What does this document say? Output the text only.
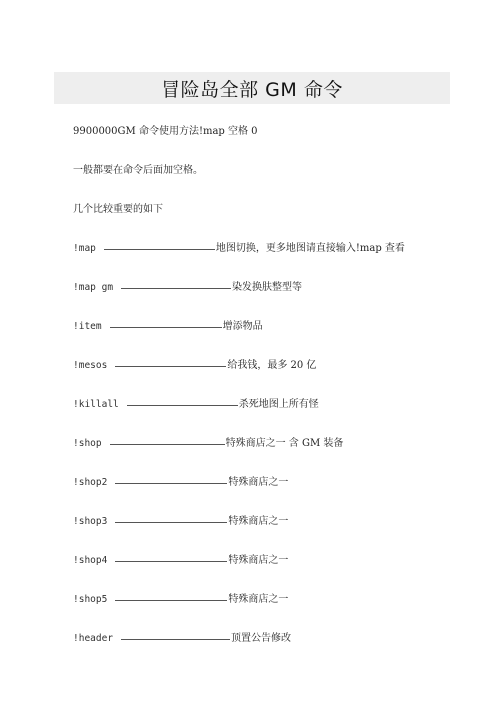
冒险岛全部 GM 命令
9900000GM 命令使用方法!map 空格 0
一般都要在命令后面加空格。
几个比较重要的如下
!map	地图切换，更多地图请直接输入!map 查看
!map gm	染发换肤整型等
!item	增添物品
!mesos	给我钱，最多 20 亿
!killall	杀死地图上所有怪
!shop	特殊商店之一 含 GM 装备
!shop2	特殊商店之一
!shop3	特殊商店之一
!shop4	特殊商店之一
!shop5	特殊商店之一
!header	顶置公告修改
